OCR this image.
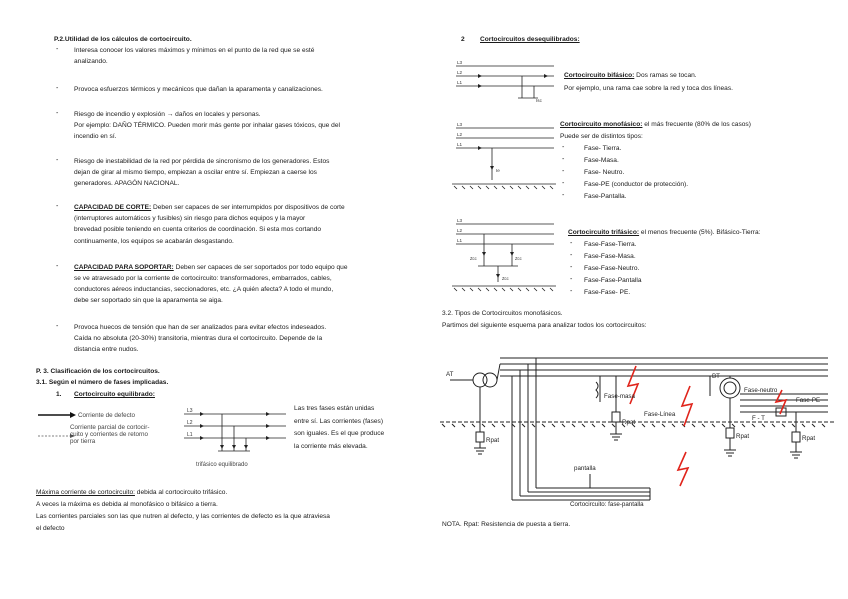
P.2.Utilidad de los cálculos de cortocircuito.
- Interesa conocer los valores máximos y mínimos en el punto de la red que se esté
analizando.
- Provoca esfuerzos térmicos y mecánicos que dañan la aparamenta y canalizaciones.
- Riesgo de incendio y explosión → daños en locales y personas.
Por ejemplo: DAÑO TÉRMICO. Pueden morir más gente por inhalar gases tóxicos, que del
incendio en sí.
- Riesgo de inestabilidad de la red por pérdida de sincronismo de los generadores. Estos
dejan de girar al mismo tiempo, empiezan a oscilar entre sí. Empiezan a caerse los
generadores. APAGÓN NACIONAL.
- CAPACIDAD DE CORTE: Deben ser capaces de ser interrumpidos por dispositivos de corte
(interruptores automáticos y fusibles) sin riesgo para dichos equipos y la mayor
brevedad posible teniendo en cuenta criterios de coordinación. Si esta mos cortando
continuamente, los equipos se acabarán desgastando.
- CAPACIDAD PARA SOPORTAR: Deben ser capaces de ser soportados por todo equipo que
se ve atravesado por la corriente de cortocircuito: transformadores, embarrados, cables,
conductores aéreos inductancias, seccionadores, etc. ¿A quién afecta? A todo el mundo,
debe ser soportado sin que la aparamenta se aiga.
- Provoca huecos de tensión que han de ser analizados para evitar efectos indeseados.
Caída no absoluta (20-30%) transitoria, mientras dura el cortocircuito. Depende de la
distancia entre nudos.
P. 3. Clasificación de los cortocircuitos.
3.1. Según el número de fases implicadas.
1. Cortocircuito equilibrado:
Corriente de defecto
Corriente parcial de cortocir-
cuito y corrientes de retorno
por tierra
L3
L2
L1
trifásico equilibrado
Las tres fases están unidas
entre sí. Las corrientes (fases)
son iguales. Es el que produce
la corriente más elevada.
Máxima corriente de cortocircuito: debida al cortocircuito trifásico.
A veces la máxima es debida al monofásico o bifásico a tierra.
Las corrientes parciales son las que nutren al defecto, y las corrientes de defecto es la que atraviesa
el defecto
2 Cortocircuitos desequilibrados:
L3
L2
L1
Isc
Cortocircuito bifásico: Dos ramas se tocan.
Por ejemplo, una rama cae sobre la red y toca dos líneas.
L3
L2
L1
Ie
Cortocircuito monofásico: el más frecuente (80% de los casos)
Puede ser de distintos tipos:
-	Fase- Tierra.
-	Fase-Masa.
-	Fase- Neutro.
-	Fase-PE (conductor de protección).
-	Fase-Pantalla.
L3
L2
L1
Zcc	Zcc
Zcc
Cortocircuito trifásico: el menos frecuente (5%). Bifásico-Tierra:
- Fase-Fase-Tierra.
- Fase-Fase-Masa.
- Fase-Fase-Neutro.
- Fase-Fase-Pantalla
- Fase-Fase- PE.
3.2. Tipos de Cortocircuitos monofásicos.
Partimos del siguiente esquema para analizar todos los cortocircuitos:
AT
Fase-masa
Fase-Línea
BT
Fase-neutro
Fase-PE
F - T
Rpat
Rpat
Rpat	Rpat
pantalla
Cortocircuito: fase-pantalla
NOTA. Rpat: Resistencia de puesta a tierra.
